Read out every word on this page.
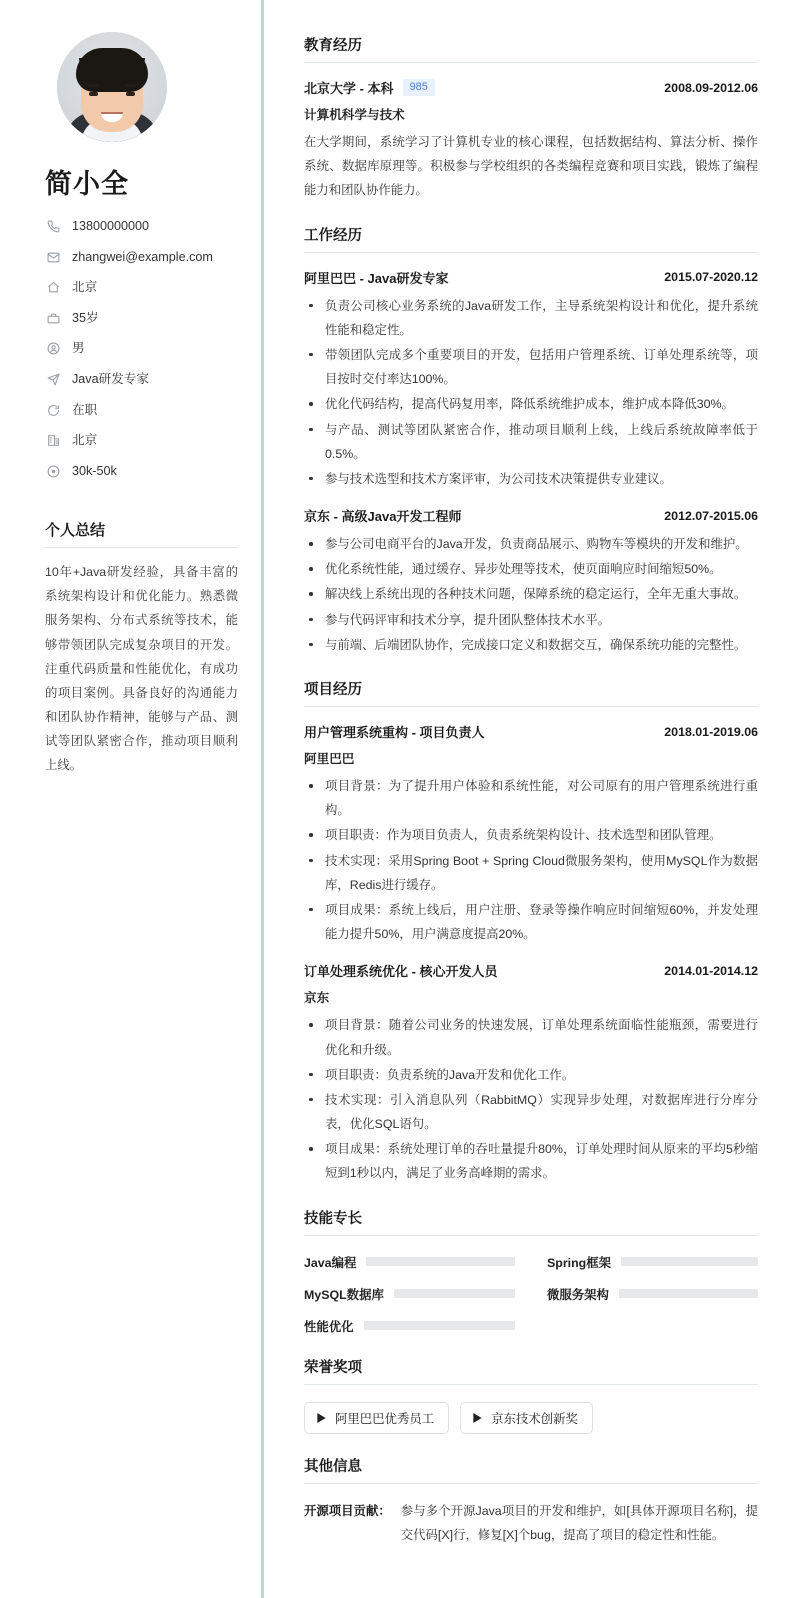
简小全
13800000000
zhangwei@example.com
北京
35岁
男
Java研发专家
在职
北京
30k-50k
个人总结
10年+Java研发经验，具备丰富的系统架构设计和优化能力。熟悉微服务架构、分布式系统等技术，能够带领团队完成复杂项目的开发。注重代码质量和性能优化，有成功的项目案例。具备良好的沟通能力和团队协作精神，能够与产品、测试等团队紧密合作，推动项目顺利上线。
教育经历
北京大学 - 本科	985	2008.09-2012.06
计算机科学与技术
在大学期间，系统学习了计算机专业的核心课程，包括数据结构、算法分析、操作系统、数据库原理等。积极参与学校组织的各类编程竞赛和项目实践，锻炼了编程能力和团队协作能力。
工作经历
阿里巴巴 - Java研发专家	2015.07-2020.12
负责公司核心业务系统的Java研发工作，主导系统架构设计和优化，提升系统性能和稳定性。
带领团队完成多个重要项目的开发，包括用户管理系统、订单处理系统等，项目按时交付率达100%。
优化代码结构，提高代码复用率，降低系统维护成本，维护成本降低30%。
与产品、测试等团队紧密合作，推动项目顺利上线，上线后系统故障率低于0.5%。
参与技术选型和技术方案评审，为公司技术决策提供专业建议。
京东 - 高级Java开发工程师	2012.07-2015.06
参与公司电商平台的Java开发，负责商品展示、购物车等模块的开发和维护。
优化系统性能，通过缓存、异步处理等技术，使页面响应时间缩短50%。
解决线上系统出现的各种技术问题，保障系统的稳定运行，全年无重大事故。
参与代码评审和技术分享，提升团队整体技术水平。
与前端、后端团队协作，完成接口定义和数据交互，确保系统功能的完整性。
项目经历
用户管理系统重构 - 项目负责人	2018.01-2019.06
阿里巴巴
项目背景：为了提升用户体验和系统性能，对公司原有的用户管理系统进行重构。
项目职责：作为项目负责人，负责系统架构设计、技术选型和团队管理。
技术实现：采用Spring Boot + Spring Cloud微服务架构，使用MySQL作为数据库，Redis进行缓存。
项目成果：系统上线后，用户注册、登录等操作响应时间缩短60%，并发处理能力提升50%，用户满意度提高20%。
订单处理系统优化 - 核心开发人员	2014.01-2014.12
京东
项目背景：随着公司业务的快速发展，订单处理系统面临性能瓶颈，需要进行优化和升级。
项目职责：负责系统的Java开发和优化工作。
技术实现：引入消息队列（RabbitMQ）实现异步处理，对数据库进行分库分表，优化SQL语句。
项目成果：系统处理订单的吞吐量提升80%，订单处理时间从原来的平均5秒缩短到1秒以内，满足了业务高峰期的需求。
技能专长
Java编程	Spring框架
MySQL数据库	微服务架构
性能优化
荣誉奖项
阿里巴巴优秀员工	京东技术创新奖
其他信息
开源项目贡献： 参与多个开源Java项目的开发和维护，如[具体开源项目名称]，提交代码[X]行，修复[X]个bug，提高了项目的稳定性和性能。
